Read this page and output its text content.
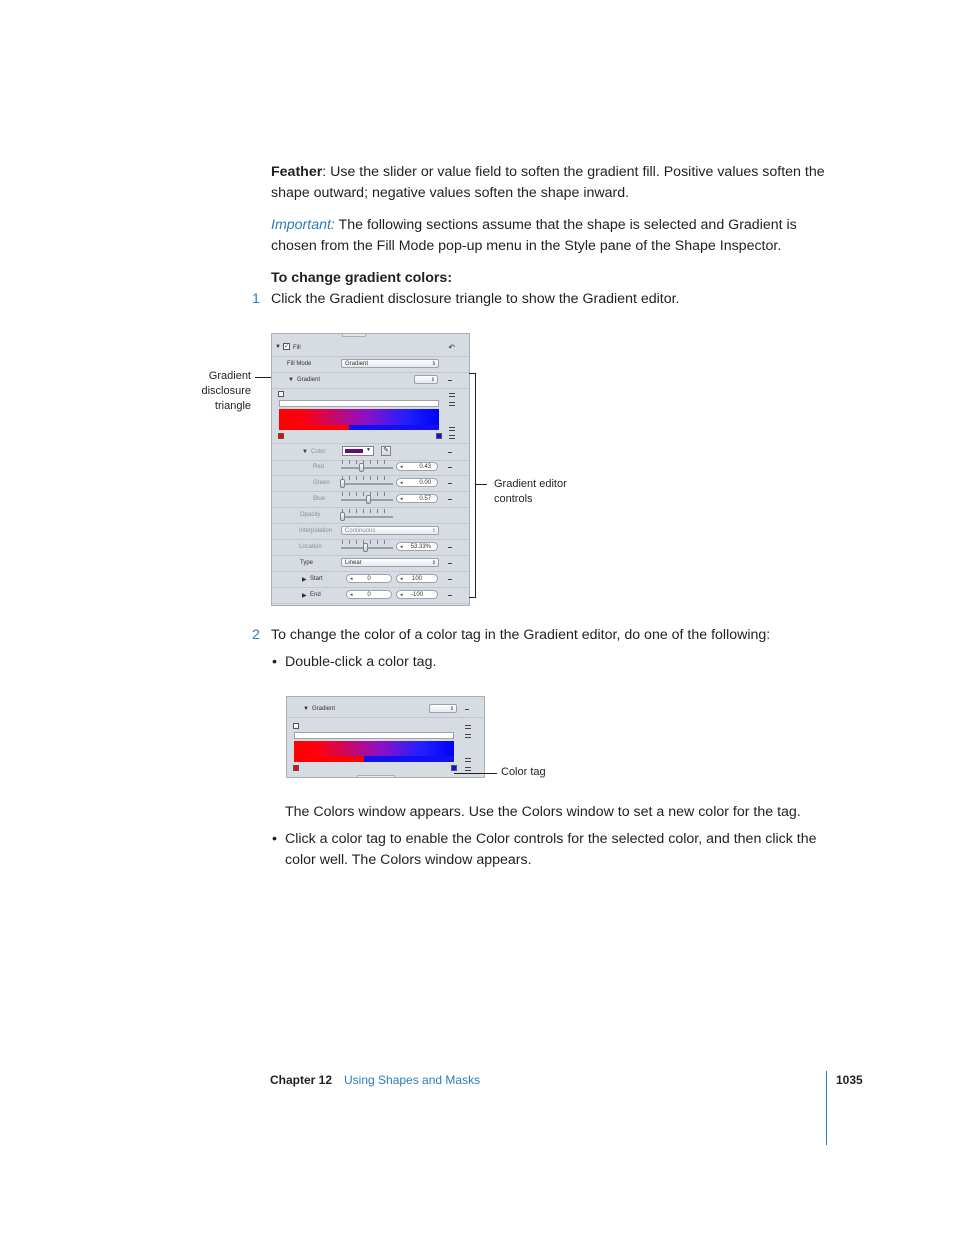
Feather: Use the slider or value field to soften the gradient fill. Positive values soften the shape outward; negative values soften the shape inward.
Important: The following sections assume that the shape is selected and Gradient is chosen from the Fill Mode pop-up menu in the Style pane of the Shape Inspector.
To change gradient colors:
1 Click the Gradient disclosure triangle to show the Gradient editor.
Gradient
disclosure
triangle
▼ ✓ Fill	↶
Fill Mode	Gradient	⇕
▼ Gradient	⇕
▼ Color	▼ ✎
Red	◂	0.43
Green	◂	0.00
Blue	◂	0.57
Opacity
Interpolation	Continuous	⇕
Location	◂ 53.33%
Type	Linear	⇕
▶ Start	◂ 0	◂ 100
▶ End	◂ 0	◂ -100
Gradient editor
controls
2 To change the color of a color tag in the Gradient editor, do one of the following:
• Double-click a color tag.
▼ Gradient	⇕
Color tag
The Colors window appears. Use the Colors window to set a new color for the tag.
• Click a color tag to enable the Color controls for the selected color, and then click the color well. The Colors window appears.
Chapter 12 Using Shapes and Masks	1035
